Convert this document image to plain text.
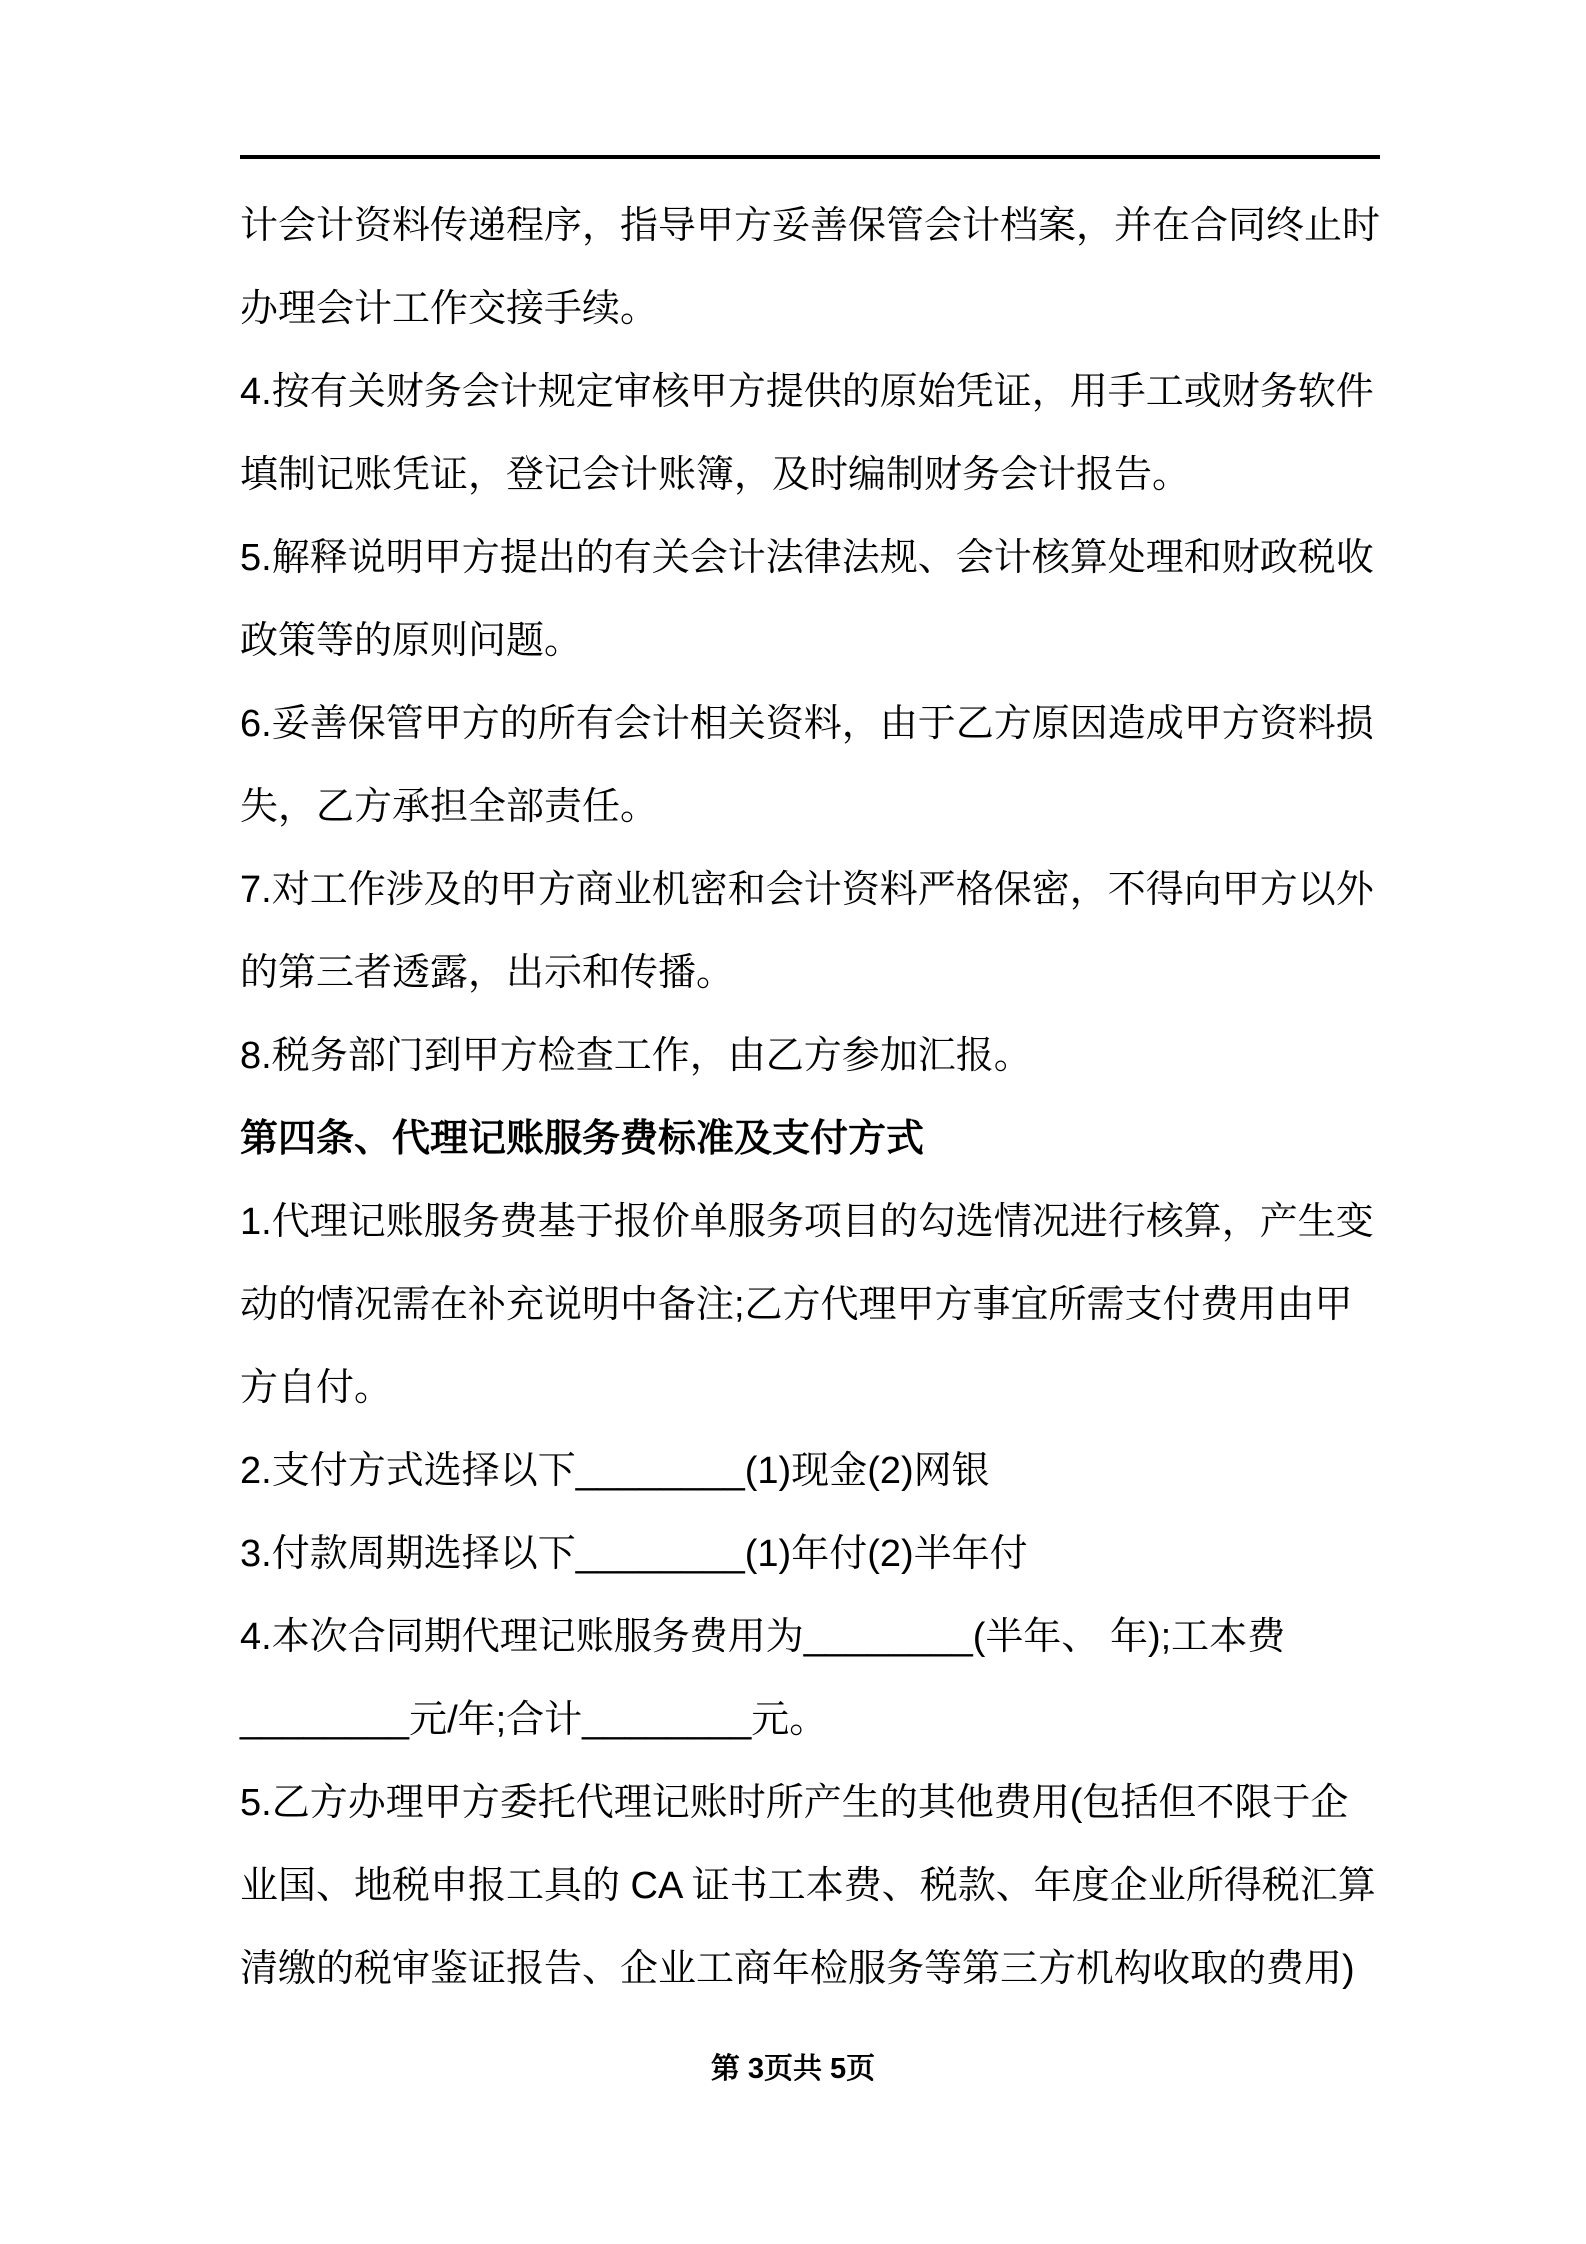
计会计资料传递程序，指导甲方妥善保管会计档案，并在合同终止时
办理会计工作交接手续。
4.按有关财务会计规定审核甲方提供的原始凭证，用手工或财务软件
填制记账凭证，登记会计账簿，及时编制财务会计报告。
5.解释说明甲方提出的有关会计法律法规、会计核算处理和财政税收
政策等的原则问题。
6.妥善保管甲方的所有会计相关资料，由于乙方原因造成甲方资料损
失，乙方承担全部责任。
7.对工作涉及的甲方商业机密和会计资料严格保密，不得向甲方以外
的第三者透露，出示和传播。
8.税务部门到甲方检查工作，由乙方参加汇报。
第四条、代理记账服务费标准及支付方式
1.代理记账服务费基于报价单服务项目的勾选情况进行核算，产生变
动的情况需在补充说明中备注;乙方代理甲方事宜所需支付费用由甲
方自付。
2.支付方式选择以下________(1)现金(2)网银
3.付款周期选择以下________(1)年付(2)半年付
4.本次合同期代理记账服务费用为________(半年、 年);工本费
________元/年;合计________元。
5.乙方办理甲方委托代理记账时所产生的其他费用(包括但不限于企
业国、地税申报工具的 CA 证书工本费、税款、年度企业所得税汇算
清缴的税审鉴证报告、企业工商年检服务等第三方机构收取的费用)
第 3页共 5页
